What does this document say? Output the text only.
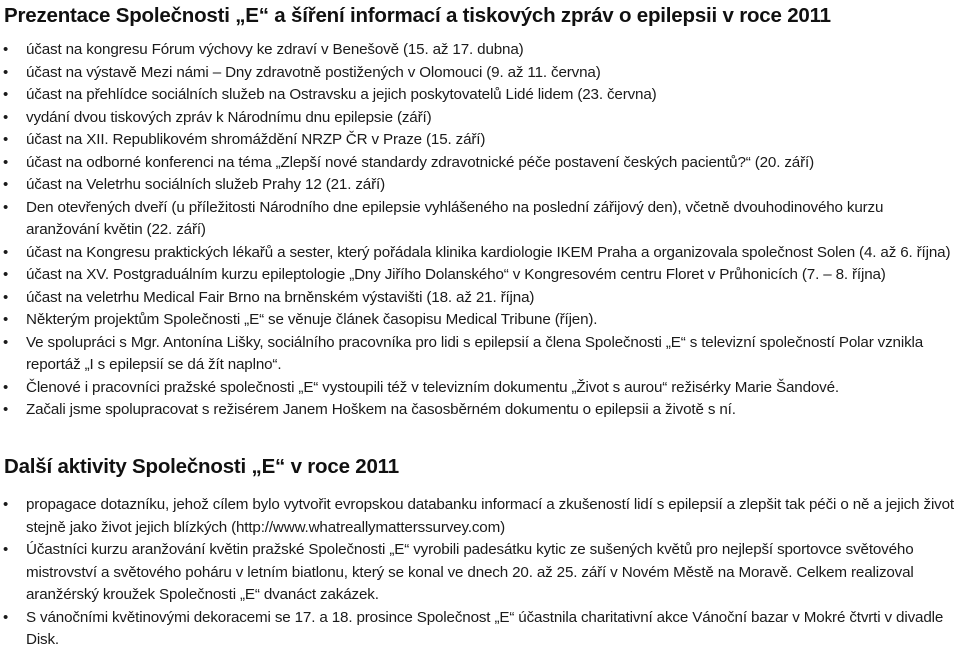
Prezentace Společnosti „E“ a šíření informací a tiskových zpráv o epilepsii v roce 2011
• účast na kongresu Fórum výchovy ke zdraví v Benešově (15. až 17. dubna)
• účast na výstavě Mezi námi – Dny zdravotně postižených v Olomouci (9. až 11. června)
• účast na přehlídce sociálních služeb na Ostravsku a jejich poskytovatelů Lidé lidem (23. června)
• vydání dvou tiskových zpráv k Národnímu dnu epilepsie (září)
• účast na XII. Republikovém shromáždění NRZP ČR v Praze (15. září)
• účast na odborné konferenci na téma „Zlepší nové standardy zdravotnické péče postavení českých pacientů?“ (20. září)
• účast na Veletrhu sociálních služeb Prahy 12 (21. září)
• Den otevřených dveří (u příležitosti Národního dne epilepsie vyhlášeného na poslední zářijový den), včetně dvouhodinového kurzu aranžování květin (22. září)
• účast na Kongresu praktických lékařů a sester, který pořádala klinika kardiologie IKEM Praha a organizovala společnost Solen (4. až 6. října)
• účast na XV. Postgraduálním kurzu epileptologie „Dny Jiřího Dolanského“ v Kongresovém centru Floret v Průhonicích (7. – 8. října)
• účast na veletrhu Medical Fair Brno na brněnském výstavišti (18. až 21. října)
• Některým projektům Společnosti „E“ se věnuje článek časopisu Medical Tribune (říjen).
• Ve spolupráci s Mgr. Antonína Lišky, sociálního pracovníka pro lidi s epilepsií a člena Společnosti „E“ s televizní společností Polar vznikla reportáž „I s epilepsií se dá žít naplno“.
• Členové i pracovníci pražské společnosti „E“ vystoupili též v televizním dokumentu „Život s aurou“ režisérky Marie Šandové.
• Začali jsme spolupracovat s režisérem Janem Hoškem na časosběrném dokumentu o epilepsii a životě s ní.
Další aktivity Společnosti „E“ v roce 2011
• propagace dotazníku, jehož cílem bylo vytvořit evropskou databanku informací a zkušeností lidí s epilepsií a zlepšit tak péči o ně a jejich život stejně jako život jejich blízkých (http://www.whatreallymatterssurvey.com)
• Účastníci kurzu aranžování květin pražské Společnosti „E“ vyrobili padesátku kytic ze sušených květů pro nejlepší sportovce světového mistrovství a světového poháru v letním biatlonu, který se konal ve dnech 20. až 25. září v Novém Městě na Moravě. Celkem realizoval aranžérský kroužek Společnosti „E“ dvanáct zakázek.
• S vánočními květinovými dekoracemi se 17. a 18. prosince Společnost „E“ účastnila charitativní akce Vánoční bazar v Mokré čtvrti v divadle Disk.
